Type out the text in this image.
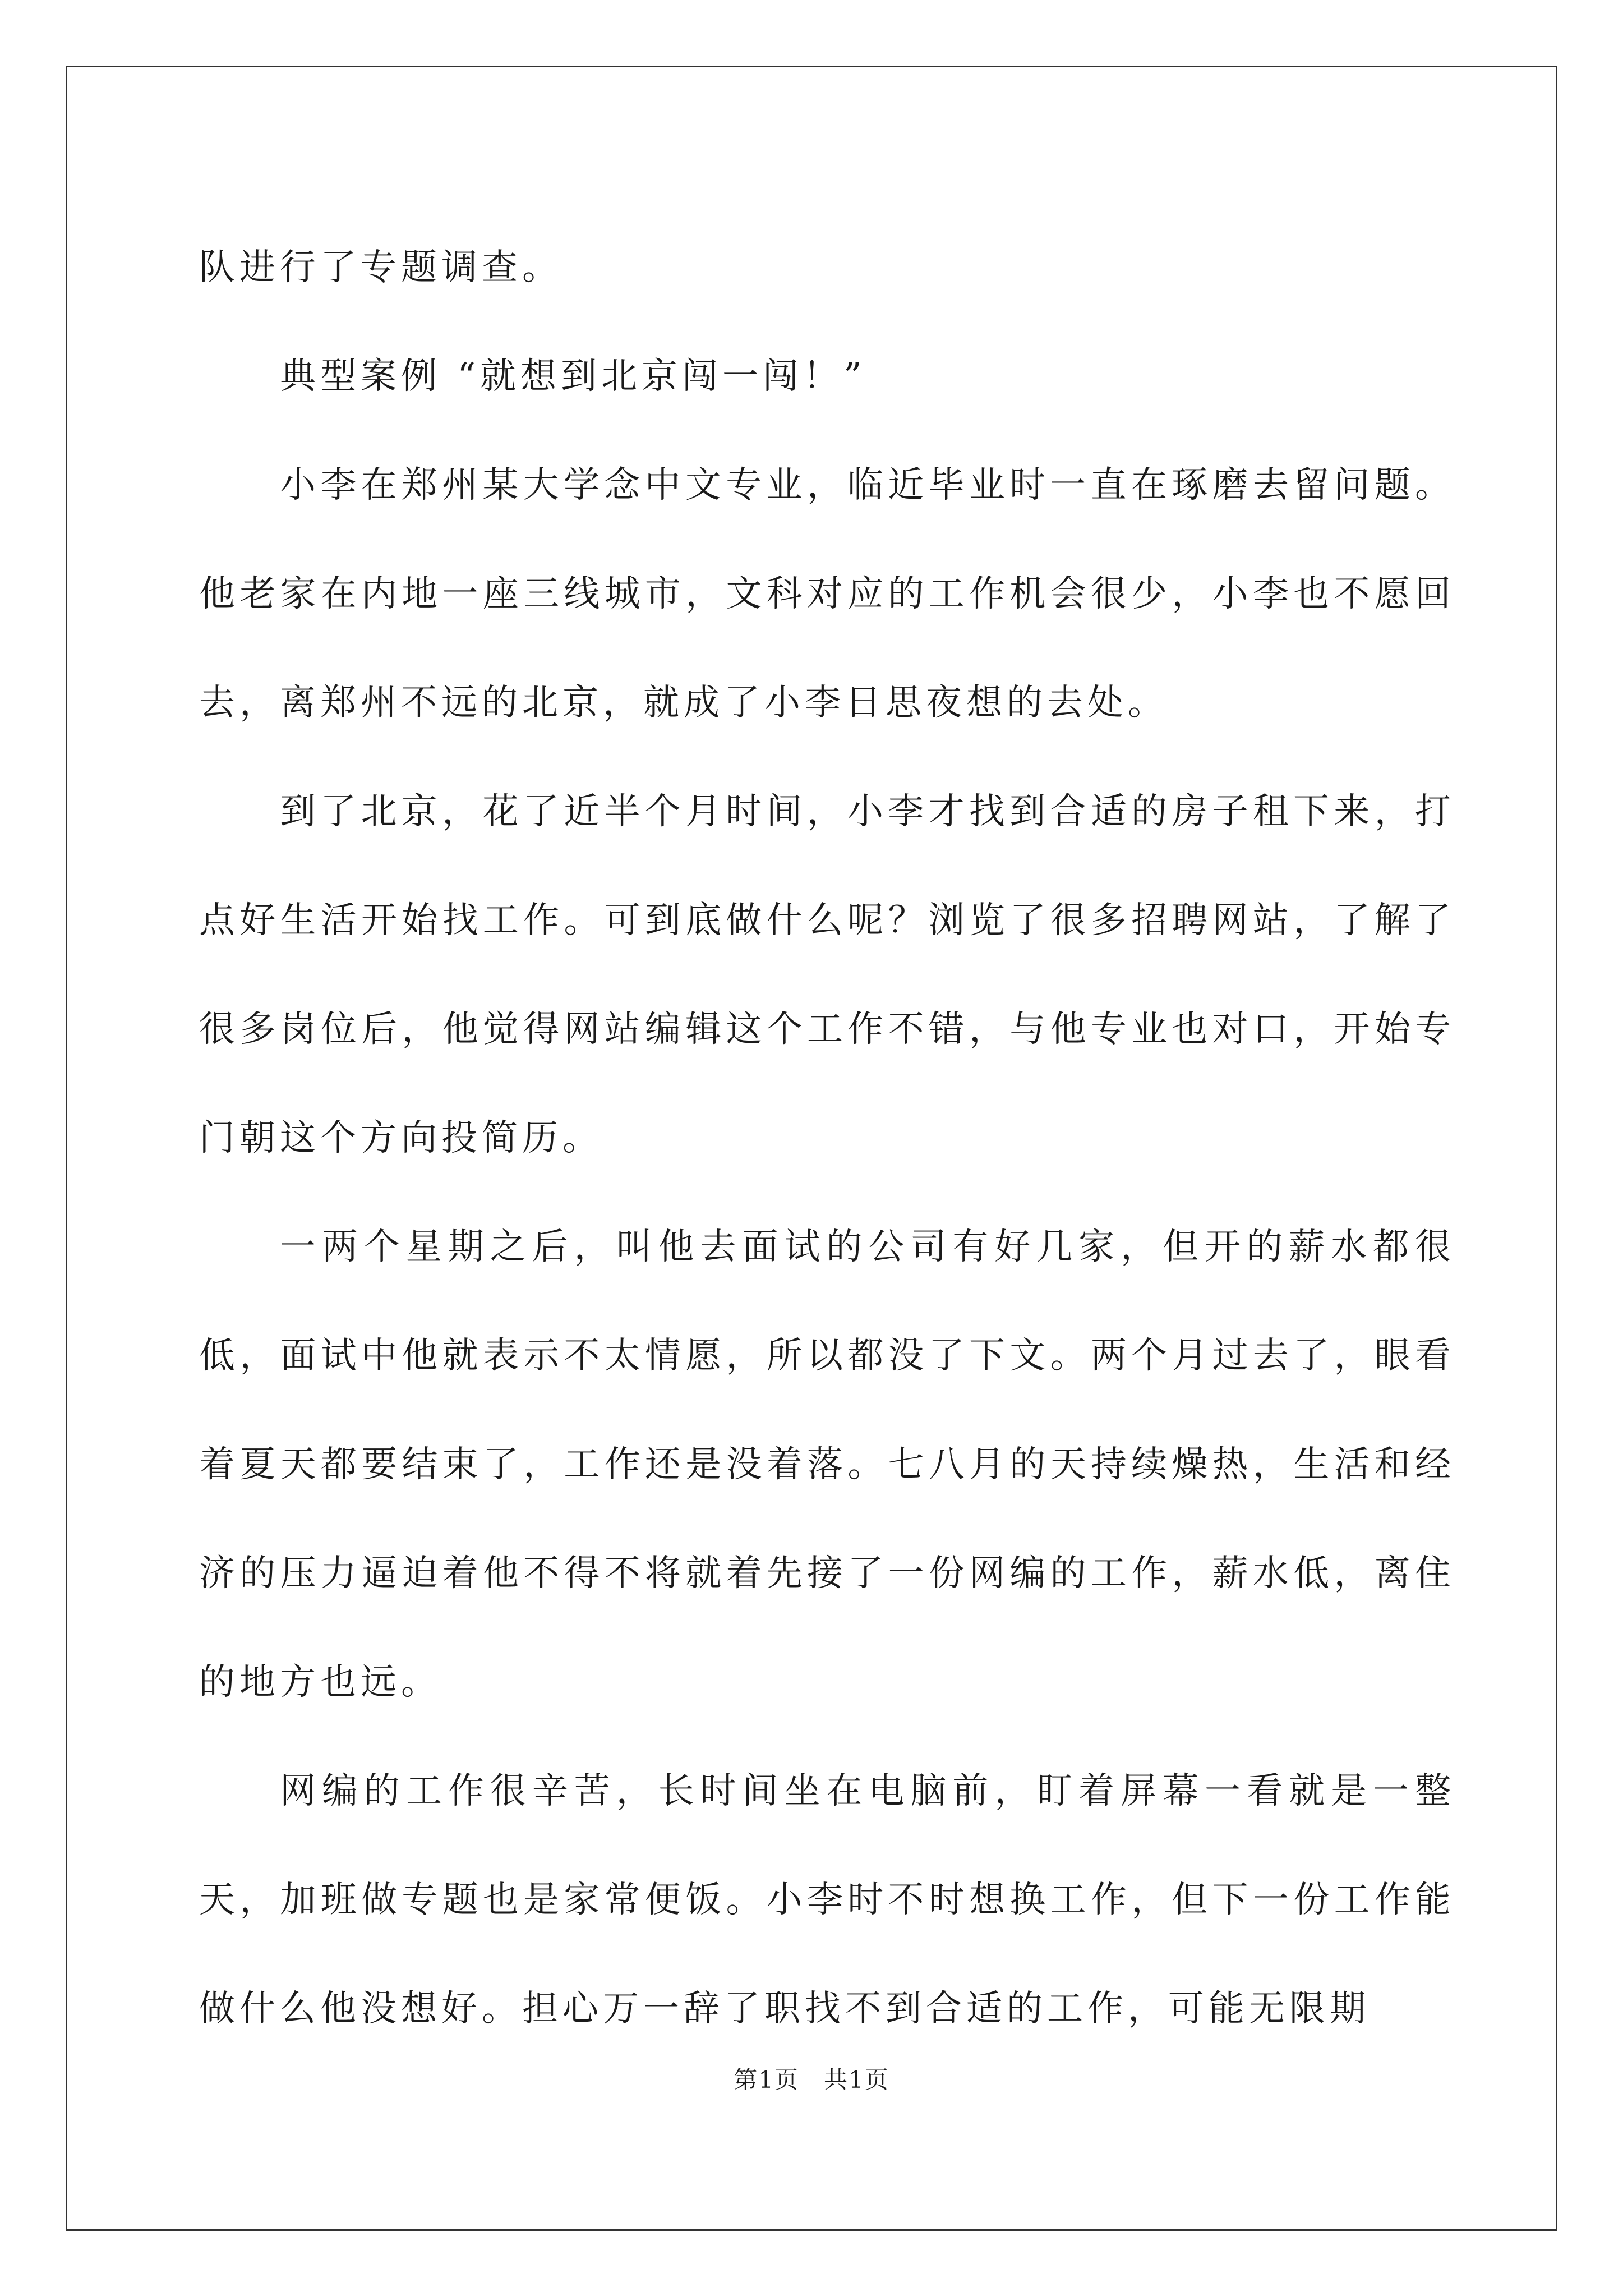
队进行了专题调查。

典型案例 “就想到北京闯一闯！”

小李在郑州某大学念中文专业，临近毕业时一直在琢磨去留问题。他老家在内地一座三线城市，文科对应的工作机会很少，小李也不愿回去，离郑州不远的北京，就成了小李日思夜想的去处。

到了北京，花了近半个月时间，小李才找到合适的房子租下来，打点好生活开始找工作。可到底做什么呢？浏览了很多招聘网站，了解了很多岗位后，他觉得网站编辑这个工作不错，与他专业也对口，开始专门朝这个方向投简历。

一两个星期之后，叫他去面试的公司有好几家，但开的薪水都很低，面试中他就表示不太情愿，所以都没了下文。两个月过去了，眼看着夏天都要结束了，工作还是没着落。七八月的天持续燥热，生活和经济的压力逼迫着他不得不将就着先接了一份网编的工作，薪水低，离住的地方也远。

网编的工作很辛苦，长时间坐在电脑前，盯着屏幕一看就是一整天，加班做专题也是家常便饭。小李时不时想换工作，但下一份工作能做什么他没想好。担心万一辞了职找不到合适的工作，可能无限期

第1页　共1页
